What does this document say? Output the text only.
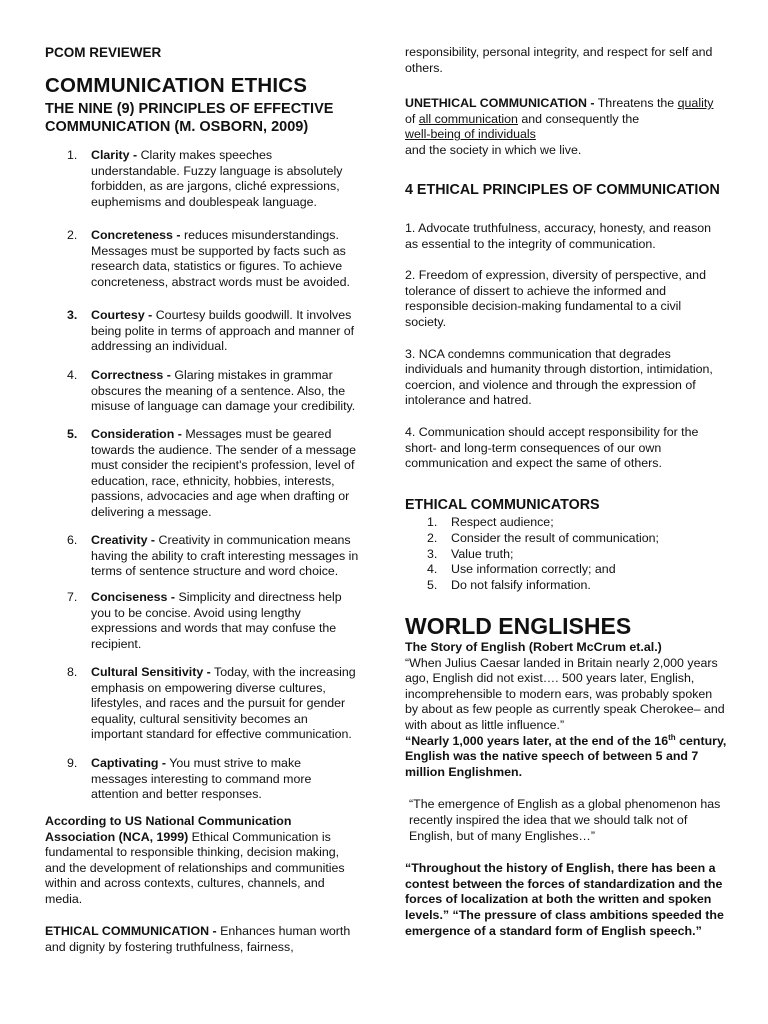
PCOM REVIEWER
COMMUNICATION ETHICS
THE NINE (9) PRINCIPLES OF EFFECTIVE COMMUNICATION (M. OSBORN, 2009)
1.	Clarity - Clarity makes speeches understandable. Fuzzy language is absolutely forbidden, as are jargons, cliché expressions, euphemisms and doublespeak language.
2.	Concreteness - reduces misunderstandings. Messages must be supported by facts such as research data, statistics or figures. To achieve concreteness, abstract words must be avoided.
3.	Courtesy - Courtesy builds goodwill. It involves being polite in terms of approach and manner of addressing an individual.
4.	Correctness - Glaring mistakes in grammar obscures the meaning of a sentence. Also, the misuse of language can damage your credibility.
5.	Consideration - Messages must be geared towards the audience. The sender of a message must consider the recipient's profession, level of education, race, ethnicity, hobbies, interests, passions, advocacies and age when drafting or delivering a message.
6.	Creativity - Creativity in communication means having the ability to craft interesting messages in terms of sentence structure and word choice.
7.	Conciseness - Simplicity and directness help you to be concise. Avoid using lengthy expressions and words that may confuse the recipient.
8.	Cultural Sensitivity - Today, with the increasing emphasis on empowering diverse cultures, lifestyles, and races and the pursuit for gender equality, cultural sensitivity becomes an important standard for effective communication.
9.	Captivating - You must strive to make messages interesting to command more attention and better responses.

According to US National Communication Association (NCA, 1999) Ethical Communication is fundamental to responsible thinking, decision making, and the development of relationships and communities within and across contexts, cultures, channels, and media.

ETHICAL COMMUNICATION - Enhances human worth and dignity by fostering truthfulness, fairness,

responsibility, personal integrity, and respect for self and others.

UNETHICAL COMMUNICATION - Threatens the quality of all communication and consequently the
well-being of individuals
and the society in which we live.

4 ETHICAL PRINCIPLES OF COMMUNICATION

1. Advocate truthfulness, accuracy, honesty, and reason as essential to the integrity of communication.

2. Freedom of expression, diversity of perspective, and tolerance of dissert to achieve the informed and responsible decision-making fundamental to a civil society.

3. NCA condemns communication that degrades individuals and humanity through distortion, intimidation, coercion, and violence and through the expression of intolerance and hatred.

4. Communication should accept responsibility for the short- and long-term consequences of our own communication and expect the same of others.

ETHICAL COMMUNICATORS
1. Respect audience;
2. Consider the result of communication;
3. Value truth;
4. Use information correctly; and
5. Do not falsify information.
WORLD ENGLISHES

The Story of English (Robert McCrum et.al.)

“When Julius Caesar landed in Britain nearly 2,000 years ago, English did not exist…. 500 years later, English, incomprehensible to modern ears, was probably spoken by about as few people as currently speak Cherokee– and with about as little influence.”

“Nearly 1,000 years later, at the end of the 16th century, English was the native speech of between 5 and 7 million Englishmen.

“The emergence of English as a global phenomenon has recently inspired the idea that we should talk not of English, but of many Englishes…”

“Throughout the history of English, there has been a contest between the forces of standardization and the forces of localization at both the written and spoken levels.” “The pressure of class ambitions speeded the emergence of a standard form of English speech.”
